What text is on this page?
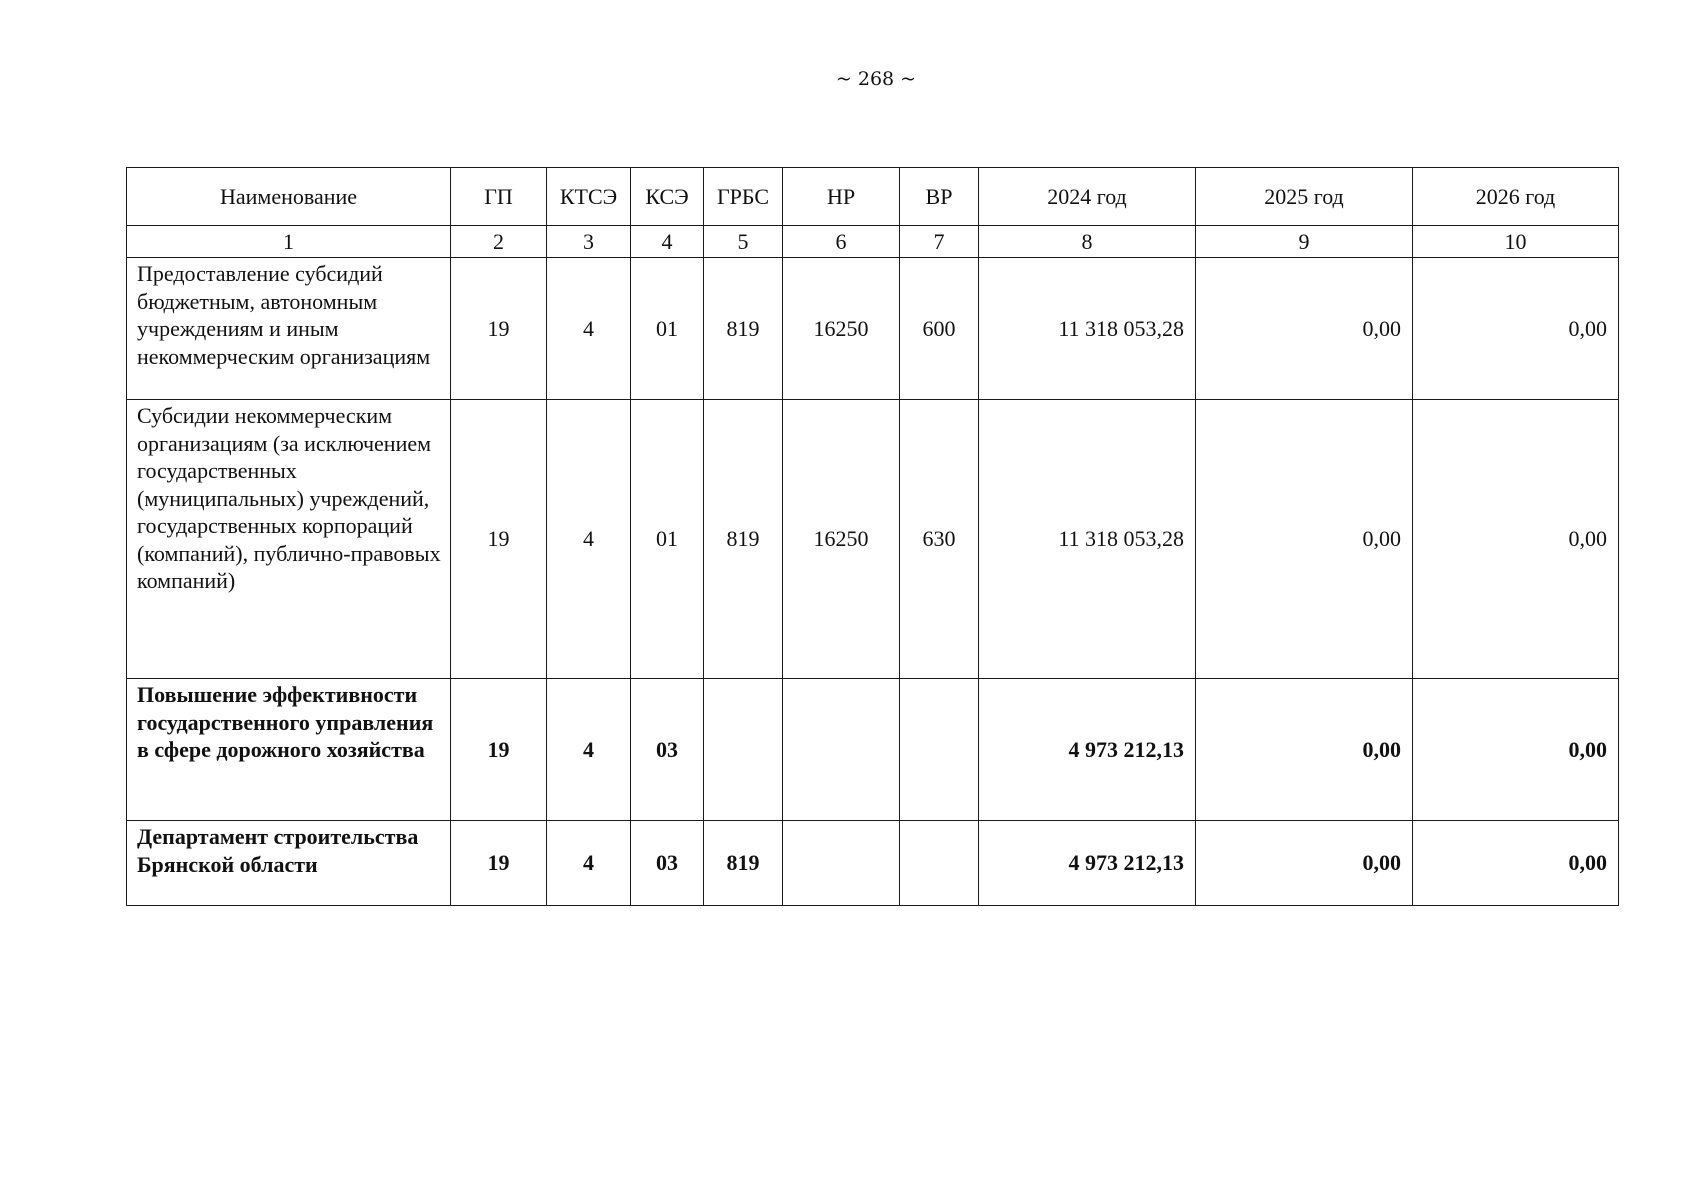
~ 268 ~
Наименование	ГП	КТСЭ	КСЭ	ГРБС	НР	ВР	2024 год	2025 год	2026 год
1	2	3	4	5	6	7	8	9	10
Предоставление субсидий бюджетным, автономным учреждениям и иным некоммерческим организациям	19	4	01	819	16250	600	11 318 053,28	0,00	0,00
Субсидии некоммерческим организациям (за исключением государственных (муниципальных) учреждений, государственных корпораций (компаний), публично-правовых компаний)	19	4	01	819	16250	630	11 318 053,28	0,00	0,00
Повышение эффективности государственного управления в сфере дорожного хозяйства	19	4	03				4 973 212,13	0,00	0,00
Департамент строительства Брянской области	19	4	03	819			4 973 212,13	0,00	0,00
